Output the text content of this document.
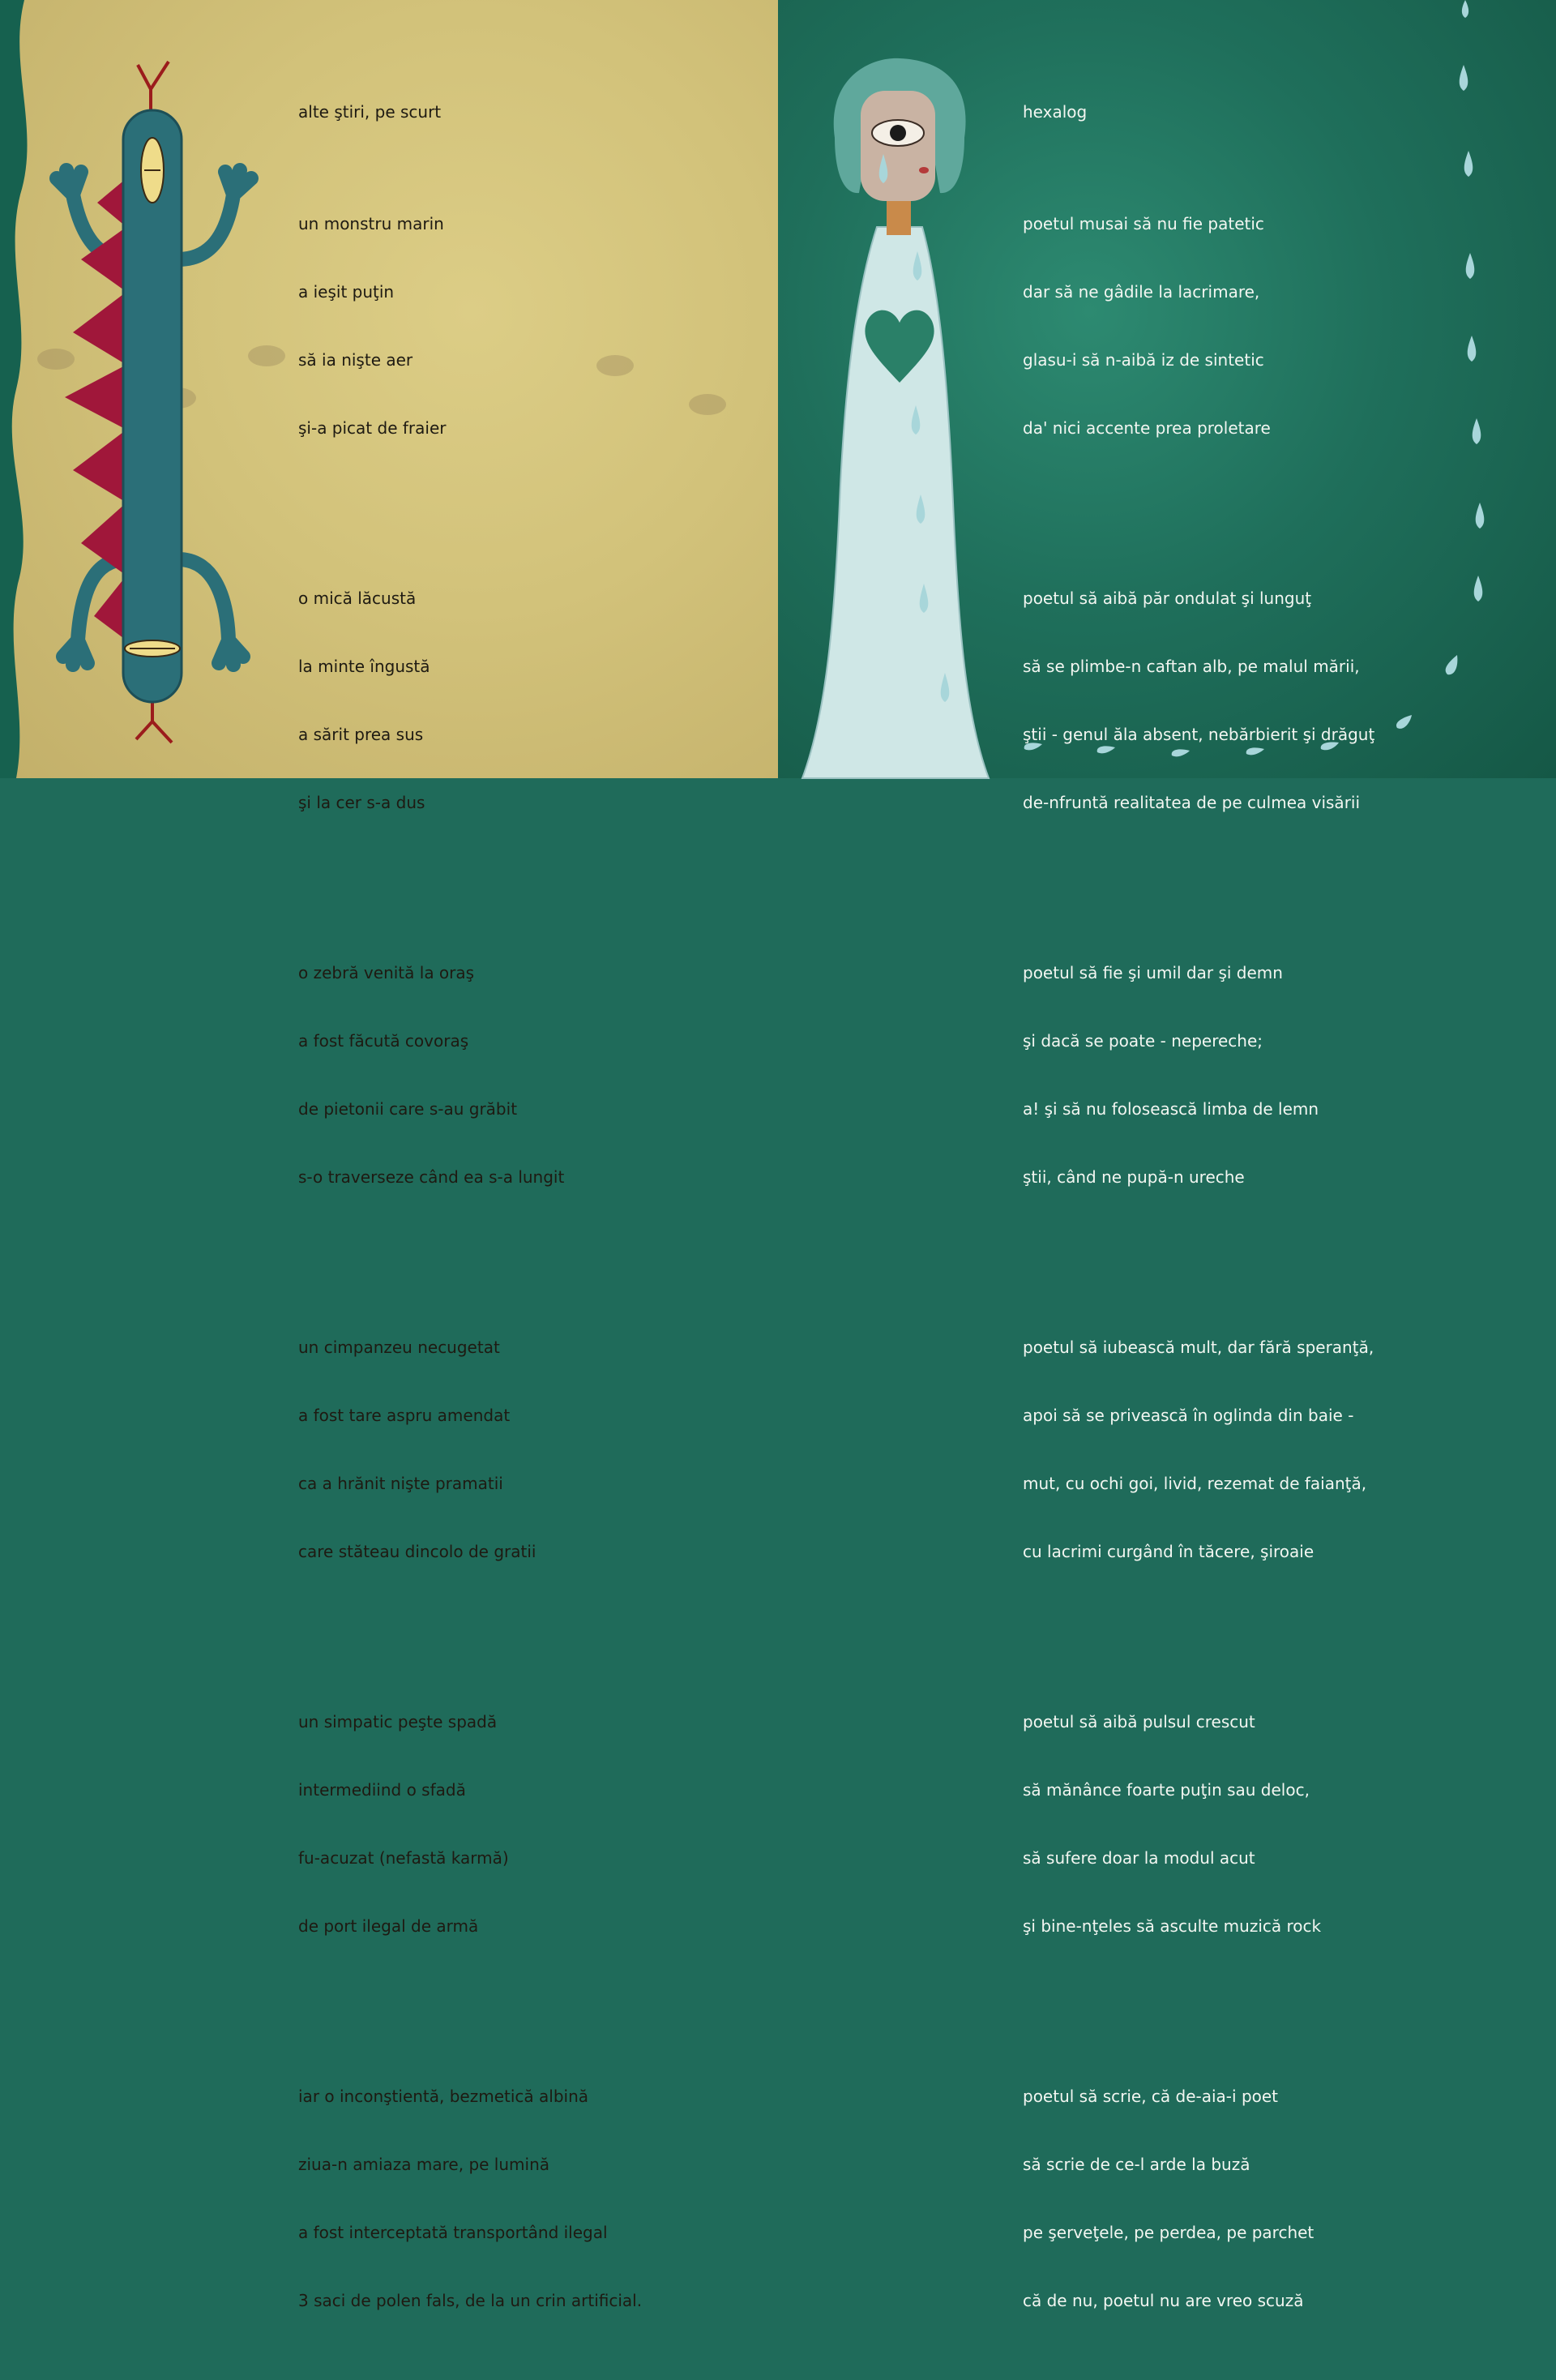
alte ştiri, pe scurt

un monstru marin

a ieşit puţin

să ia nişte aer

şi-a picat de fraier

o mică lăcustă

la minte îngustă

a sărit prea sus

şi la cer s-a dus

o zebră venită la oraş

a fost făcută covoraş

de pietonii care s-au grăbit

s-o traverseze când ea s-a lungit

un cimpanzeu necugetat

a fost tare aspru amendat

ca a hrănit nişte pramatii

care stăteau dincolo de gratii

un simpatic peşte spadă

intermediind o sfadă

fu-acuzat (nefastă karmă)

de port ilegal de armă

iar o inconştientă, bezmetică albină

ziua-n amiaza mare, pe lumină

a fost interceptată transportând ilegal

3 saci de polen fals, de la un crin artificial.

hexalog

poetul musai să nu fie patetic

dar să ne gâdile la lacrimare,

glasu-i să n-aibă iz de sintetic

da' nici accente prea proletare

poetul să aibă păr ondulat şi lunguţ

să se plimbe-n caftan alb, pe malul mării,

ştii - genul ăla absent, nebărbierit şi drăguţ

de-nfruntă realitatea de pe culmea visării

poetul să fie şi umil dar şi demn

şi dacă se poate - nepereche;

a! şi să nu folosească limba de lemn

ştii, când ne pupă-n ureche

poetul să iubească mult, dar fără speranţă,

apoi să se privească în oglinda din baie -

mut, cu ochi goi, livid, rezemat de faianţă,

cu lacrimi curgând în tăcere, şiroaie

poetul să aibă pulsul crescut

să mănânce foarte puţin sau deloc,

să sufere doar la modul acut

şi bine-nţeles să asculte muzică rock

poetul să scrie, că de-aia-i poet

să scrie de ce-l arde la buză

pe şerveţele, pe perdea, pe parchet

că de nu, poetul nu are vreo scuză
